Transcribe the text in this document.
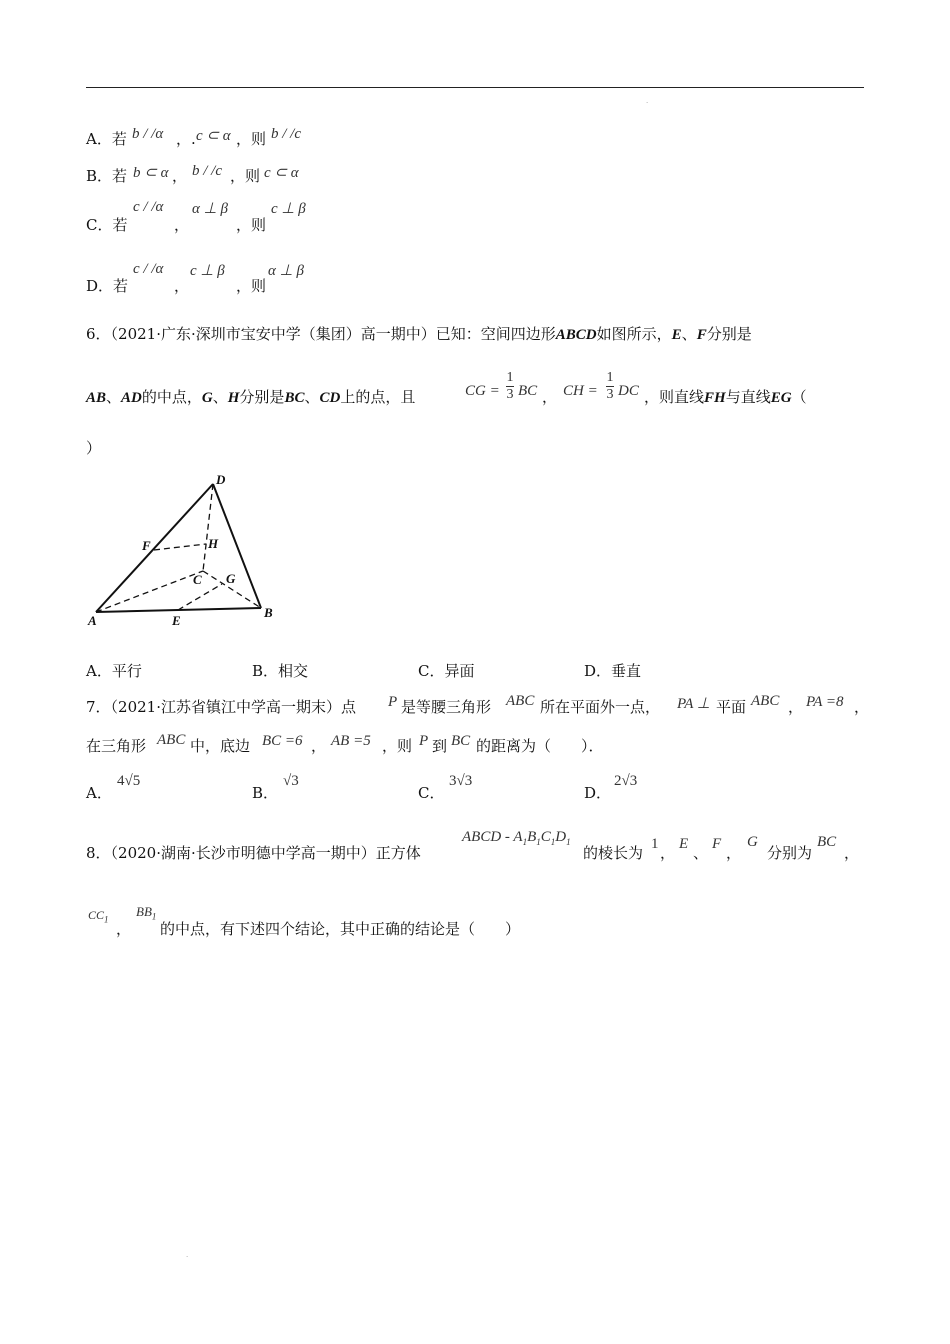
.
A．若 b / /α ，. c ⊂ α ，则 b / /c
B．若 b ⊂ α ， b / /c ，则 c ⊂ α
C．若
c / /α
，
α ⊥ β
，则
c ⊥ β
D．若
c / /α
，
c ⊥ β
，则
α ⊥ β
6．（2021·广东·深圳市宝安中学（集团）高一期中）已知：空间四边形ABCD如图所示，E、F分别是
AB、AD的中点，G、H分别是BC、CD上的点，且	CG =
1
3 BC ， CH =
1
3 DC ，则直线FH与直线EG（
）
D
F	H
C G
A	E
B
A．平行	B．相交	C．异面	D．垂直
7．（2021·江苏省镇江中学高一期末）点 P 是等腰三角形 ABC 所在平面外一点， PA ⊥ 平面 ABC ， PA =8 ，
在三角形 ABC 中，底边 BC =6 ， AB =5 ，则 P 到 BC 的距离为（　　）．
A．
4√5
B．
√3
C．
3√3
D．
2√3
8．（2020·湖南·长沙市明德中学高一期中）正方体
ABCD - $A_1B_1C_1D_1$
的棱长为 1 ， E 、 F ，
G
分别为
BC
，
$CC_1$
，
$BB_1$
的中点，有下述四个结论，其中正确的结论是（　　）
.
